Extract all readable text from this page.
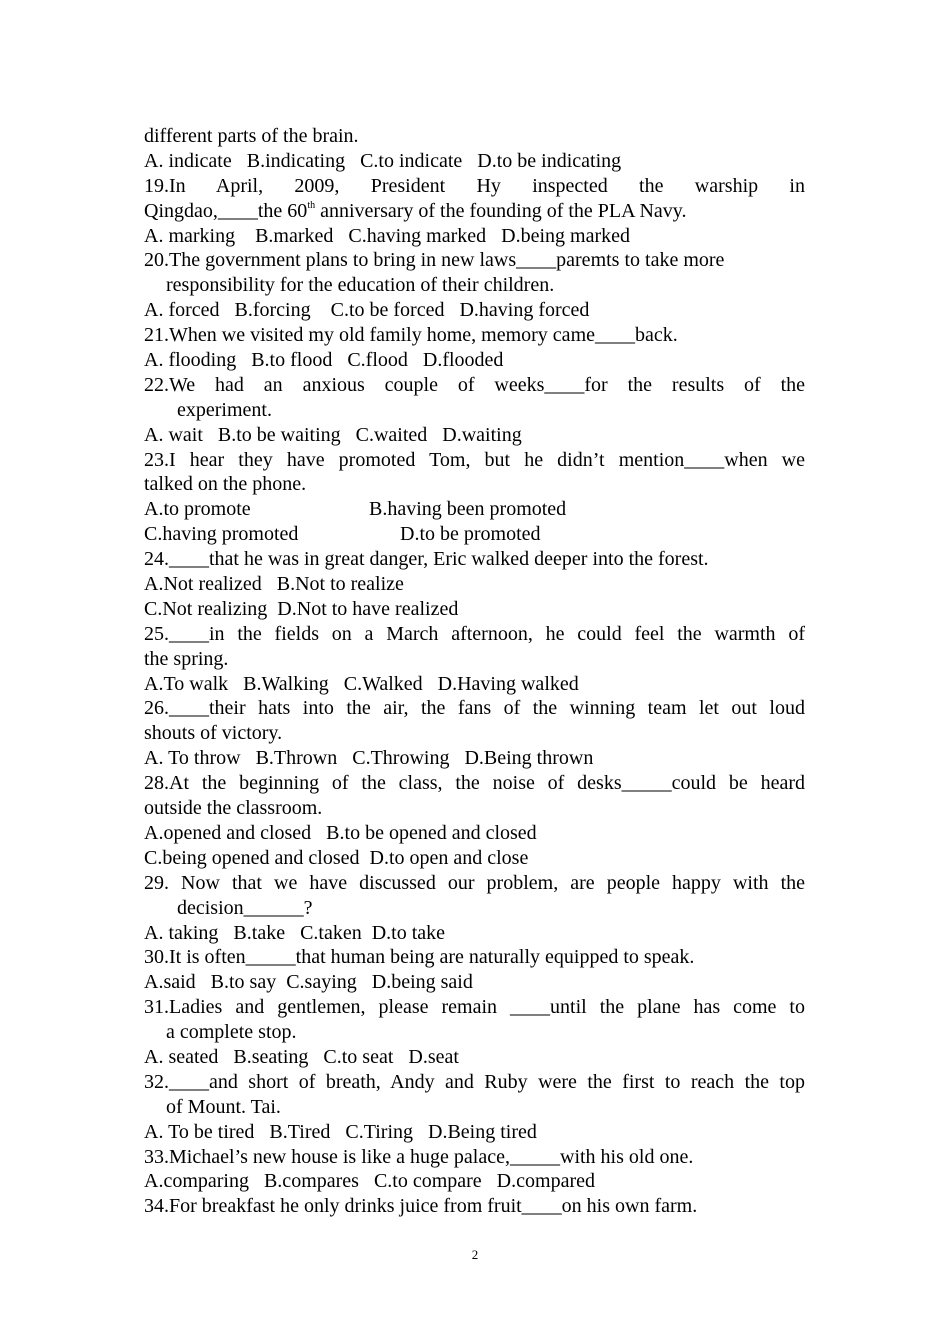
different parts of the brain.
A. indicate   B.indicating   C.to indicate   D.to be indicating
19.In April, 2009, President Hy inspected the warship in
Qingdao,____the 60th anniversary of the founding of the PLA Navy.
A. marking    B.marked   C.having marked   D.being marked
20.The government plans to bring in new laws____paremts to take more
responsibility for the education of their children.
A. forced   B.forcing    C.to be forced   D.having forced
21.When we visited my old family home, memory came____back.
A. flooding   B.to flood   C.flood   D.flooded
22.We had an anxious couple of weeks____for the results of the
experiment.
A. wait   B.to be waiting   C.waited   D.waiting
23.I hear they have promoted Tom, but he didn’t mention____when we
talked on the phone.
A.to promote	B.having been promoted
C.having promoted	D.to be promoted
24.____that he was in great danger, Eric walked deeper into the forest.
A.Not realized   B.Not to realize
C.Not realizing  D.Not to have realized
25.____in the fields on a March afternoon, he could feel the warmth of
the spring.
A.To walk   B.Walking   C.Walked   D.Having walked
26.____their hats into the air, the fans of the winning team let out loud
shouts of victory.
A. To throw   B.Thrown   C.Throwing   D.Being thrown
28.At the beginning of the class, the noise of desks_____could be heard
outside the classroom.
A.opened and closed   B.to be opened and closed
C.being opened and closed  D.to open and close
29. Now that we have discussed our problem, are people happy with the
decision______?
A. taking   B.take   C.taken  D.to take
30.It is often_____that human being are naturally equipped to speak.
A.said   B.to say  C.saying   D.being said
31.Ladies and gentlemen, please remain ____until the plane has come to
a complete stop.
A. seated   B.seating   C.to seat   D.seat
32.____and short of breath, Andy and Ruby were the first to reach the top
of Mount. Tai.
A. To be tired   B.Tired   C.Tiring   D.Being tired
33.Michael’s new house is like a huge palace,_____with his old one.
A.comparing   B.compares   C.to compare   D.compared
34.For breakfast he only drinks juice from fruit____on his own farm.
2
